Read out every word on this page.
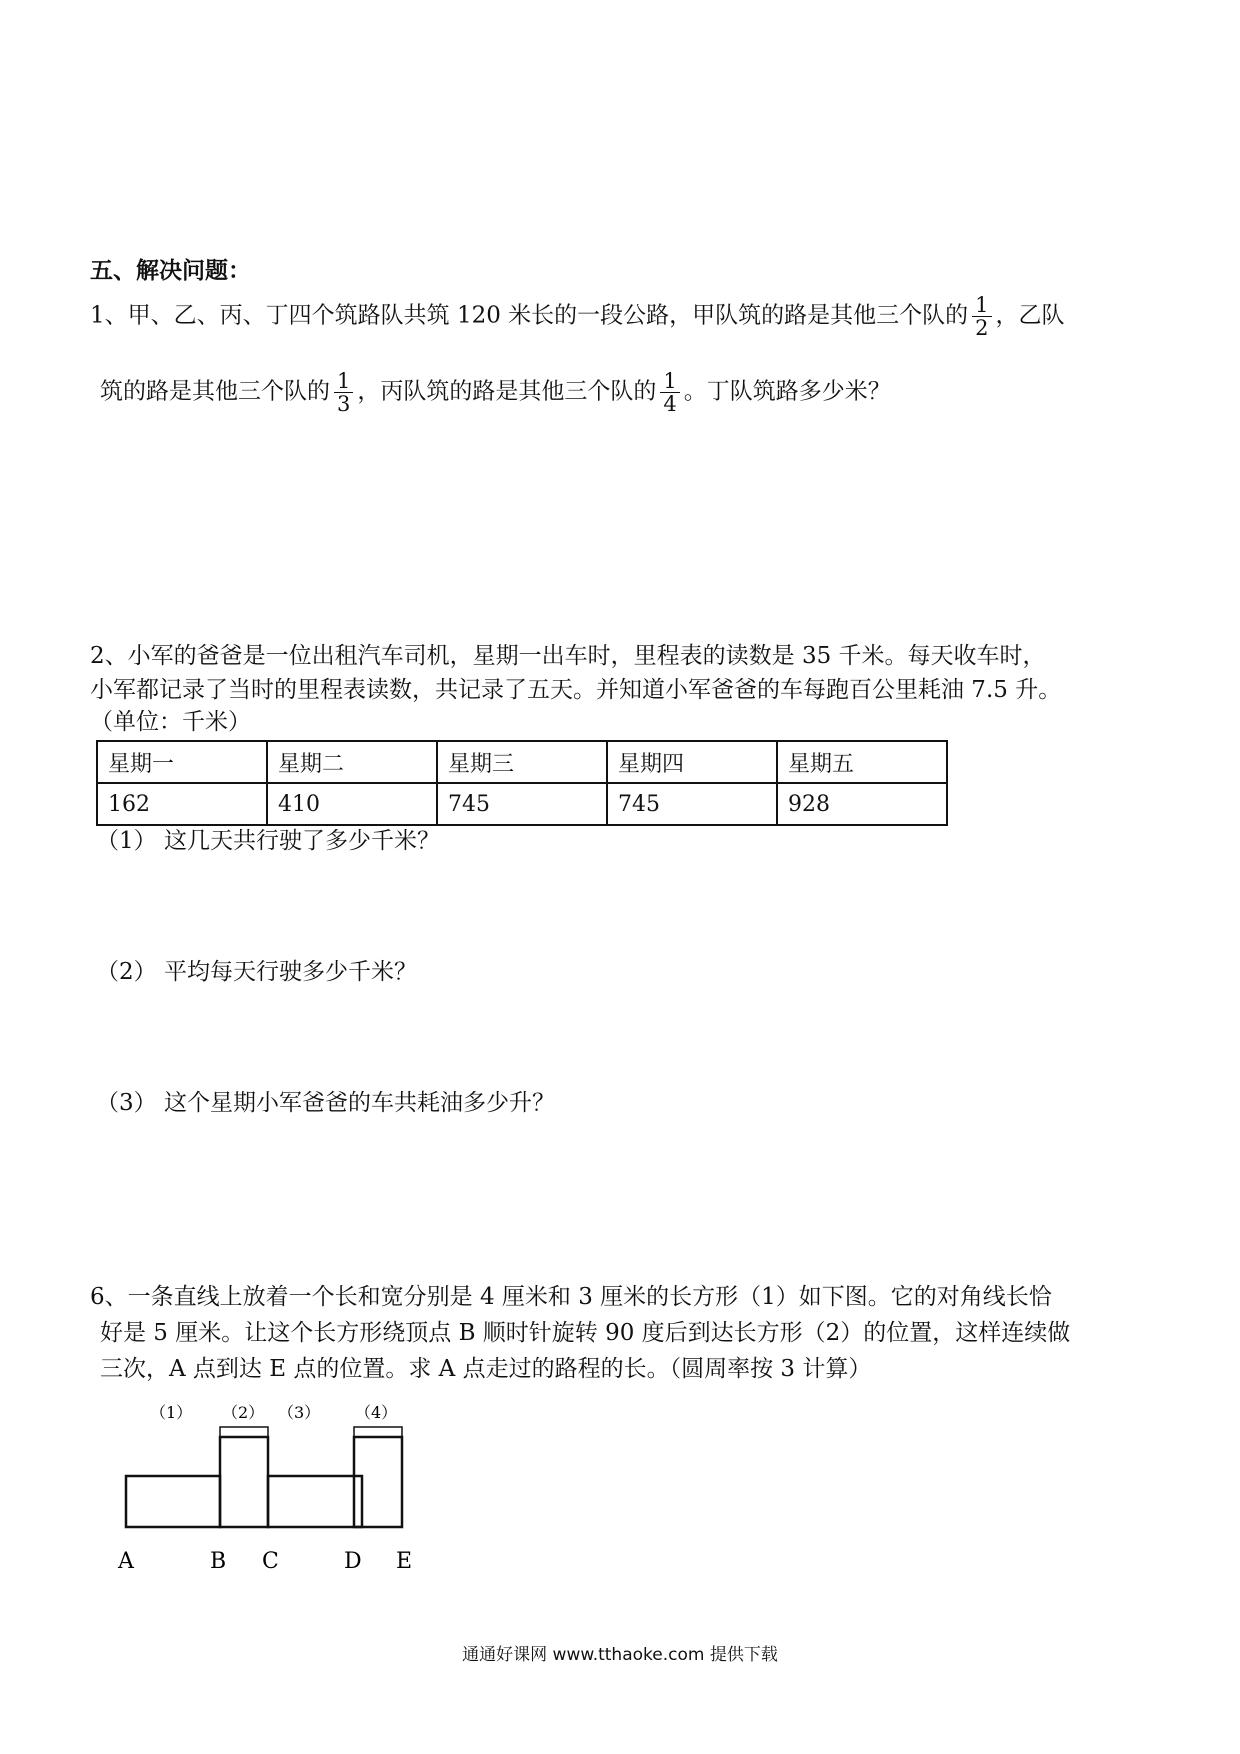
五、解决问题：
1、甲、乙、丙、丁四个筑路队共筑 120 米长的一段公路，甲队筑的路是其他三个队的 $\frac{1}{2}$ ，乙队
筑的路是其他三个队的 $\frac{1}{3}$ ，丙队筑的路是其他三个队的 $\frac{1}{4}$ 。丁队筑路多少米？
2、小军的爸爸是一位出租汽车司机，星期一出车时，里程表的读数是 35 千米。每天收车时，
小军都记录了当时的里程表读数，共记录了五天。并知道小军爸爸的车每跑百公里耗油 7.5 升。
（单位：千米）
星期一	星期二	星期三	星期四	星期五
162	410	745	745	928
（1） 这几天共行驶了多少千米？
（2） 平均每天行驶多少千米？
（3） 这个星期小军爸爸的车共耗油多少升？
6、一条直线上放着一个长和宽分别是 4 厘米和 3 厘米的长方形（1）如下图。它的对角线长恰
好是 5 厘米。让这个长方形绕顶点 B 顺时针旋转 90 度后到达长方形（2）的位置，这样连续做
三次，A 点到达 E 点的位置。求 A 点走过的路程的长。（圆周率按 3 计算）
（1） （2） （3） （4）
A	B C	D E
通通好课网 www.tthaoke.com 提供下载
